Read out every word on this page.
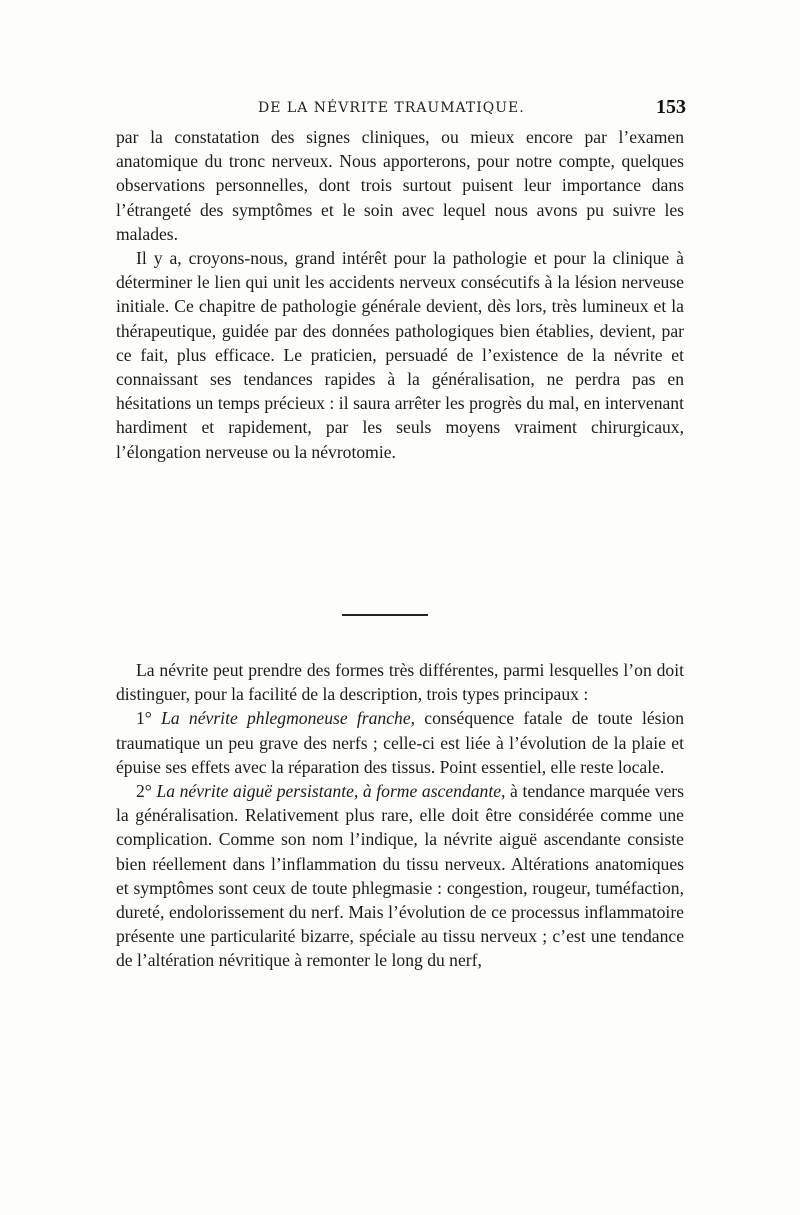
DE LA NÉVRITE TRAUMATIQUE.	153

par la constatation des signes cliniques, ou mieux encore par l’examen anatomique du tronc nerveux. Nous apporterons, pour notre compte, quelques observations personnelles, dont trois surtout puisent leur importance dans l’étrangeté des symptômes et le soin avec lequel nous avons pu suivre les malades.

Il y a, croyons-nous, grand intérêt pour la pathologie et pour la clinique à déterminer le lien qui unit les accidents nerveux consécutifs à la lésion nerveuse initiale. Ce chapitre de pathologie générale devient, dès lors, très lumineux et la thérapeutique, guidée par des données pathologiques bien établies, devient, par ce fait, plus efficace. Le praticien, persuadé de l’existence de la névrite et connaissant ses tendances rapides à la généralisation, ne perdra pas en hésitations un temps précieux : il saura arrêter les progrès du mal, en intervenant hardiment et rapidement, par les seuls moyens vraiment chirurgicaux, l’élongation nerveuse ou la névrotomie.

La névrite peut prendre des formes très différentes, parmi lesquelles l’on doit distinguer, pour la facilité de la description, trois types principaux :

1° La névrite phlegmoneuse franche, conséquence fatale de toute lésion traumatique un peu grave des nerfs ; celle-ci est liée à l’évolution de la plaie et épuise ses effets avec la réparation des tissus. Point essentiel, elle reste locale.

2° La névrite aiguë persistante, à forme ascendante, à tendance marquée vers la généralisation. Relativement plus rare, elle doit être considérée comme une complication. Comme son nom l’indique, la névrite aiguë ascendante consiste bien réellement dans l’inflammation du tissu nerveux. Altérations anatomiques et symptômes sont ceux de toute phlegmasie : congestion, rougeur, tuméfaction, dureté, endolorissement du nerf. Mais l’évolution de ce processus inflammatoire présente une particularité bizarre, spéciale au tissu nerveux ; c’est une tendance de l’altération névritique à remonter le long du nerf,
